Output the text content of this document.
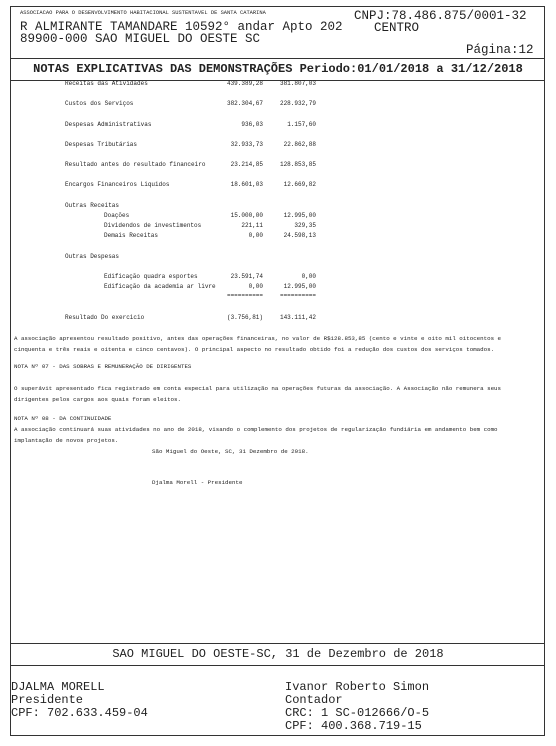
ASSOCIACAO PARA O DESENVOLVIMENTO HABITACIONAL SUSTENTAVEL DE SANTA CATARINA
R ALMIRANTE TAMANDARE 10592° andar Apto 202
89900-000 SAO MIGUEL DO OESTE SC
CNPJ:78.486.875/0001-32
CENTRO
Página:12
NOTAS EXPLICATIVAS DAS DEMONSTRAÇÕES Periodo:01/01/2018 a 31/12/2018
Receitas das Atividades	439.389,28	381.807,03
Custos dos Serviços	382.304,67	228.932,79
Despesas Administrativas	936,03	1.157,60
Despesas Tributárias	32.933,73	22.862,88
Resultado antes do resultado financeiro	23.214,85	128.853,85
Encargos Financeiros Liquidos	18.601,03	12.669,82
Outras Receitas
Doações	15.000,00	12.995,00
Dividendos de investimentos	221,11	329,35
Demais Receitas	0,00	24.598,13
Outras Despesas
Edificação quadra esportes	23.591,74	0,00
Edificação da academia ar livre	0,00	12.995,00
==========	==========
Resultado Do exercicio	(3.756,81)	143.111,42
A associação apresentou resultado positivo, antes das operações financeiras, no valor de R$128.853,85 (cento e vinte e oito mil oitocentos e cinquenta e três reais e oitenta e cinco centavos). O principal aspecto no resultado obtido foi a redução dos custos dos serviços tomados.
NOTA Nº 07 - DAS SOBRAS E REMUNERAÇÃO DE DIRIGENTES
O superávit apresentado fica registrado em conta especial para utilização na operações futuras da associação. A Associação não remunera seus dirigentes pelos cargos aos quais foram eleitos.
NOTA Nº 08 - DA CONTINUIDADE
A associação continuará suas atividades no ano de 2018, visando o complemento dos projetos de regularização fundiária em andamento bem como implantação de novos projetos.
São Miguel do Oeste, SC, 31 Dezembro de 2018.
Djalma Morell - Presidente
SAO MIGUEL DO OESTE-SC, 31 de Dezembro de 2018
DJALMA MORELL
Presidente
CPF: 702.633.459-04
Ivanor Roberto Simon
Contador
CRC: 1 SC-012666/O-5
CPF: 400.368.719-15
